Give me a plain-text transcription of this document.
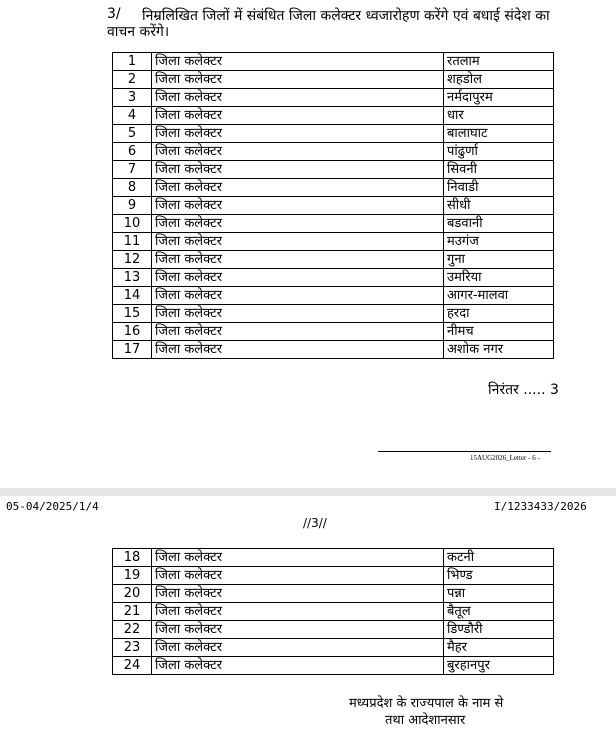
3/ निम्रलिखित जिलों में संबंधित जिला कलेक्टर ध्वजारोहण करेंगे एवं बधाई संदेश का
वाचन करेंगे।
1	जिला कलेक्टर	रतलाम
2	जिला कलेक्टर	शहडोल
3	जिला कलेक्टर	नर्मदापुरम
4	जिला कलेक्टर	धार
5	जिला कलेक्टर	बालाघाट
6	जिला कलेक्टर	पांढुर्णा
7	जिला कलेक्टर	सिवनी
8	जिला कलेक्टर	निवाडी
9	जिला कलेक्टर	सीधी
10	जिला कलेक्टर	बडवानी
11	जिला कलेक्टर	मउगंज
12	जिला कलेक्टर	गुना
13	जिला कलेक्टर	उमरिया
14	जिला कलेक्टर	आगर-मालवा
15	जिला कलेक्टर	हरदा
16	जिला कलेक्टर	नीमच
17	जिला कलेक्टर	अशोक नगर
निरंतर ..... 3
15AUG2026_Letter - 6 -
05-04/2025/1/4	I/1233433/2026
//3//
18	जिला कलेक्टर	कटनी
19	जिला कलेक्टर	भिण्ड
20	जिला कलेक्टर	पन्ना
21	जिला कलेक्टर	बैतूल
22	जिला कलेक्टर	डिण्डौरी
23	जिला कलेक्टर	मैहर
24	जिला कलेक्टर	बुरहानपुर
मध्यप्रदेश के राज्यपाल के नाम से
तथा आदेशानसार
